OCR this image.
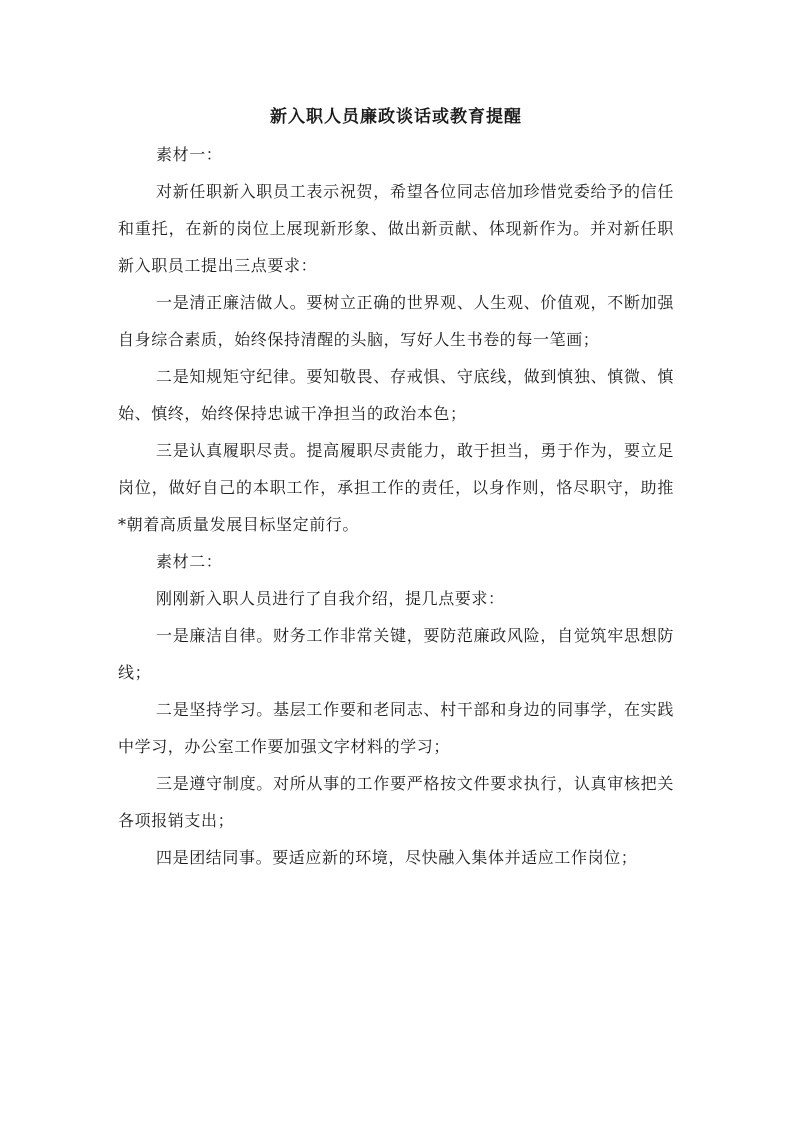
新入职人员廉政谈话或教育提醒

素材一：

对新任职新入职员工表示祝贺，希望各位同志倍加珍惜党委给予的信任和重托，在新的岗位上展现新形象、做出新贡献、体现新作为。并对新任职新入职员工提出三点要求：

一是清正廉洁做人。要树立正确的世界观、人生观、价值观，不断加强自身综合素质，始终保持清醒的头脑，写好人生书卷的每一笔画；

二是知规矩守纪律。要知敬畏、存戒惧、守底线，做到慎独、慎微、慎始、慎终，始终保持忠诚干净担当的政治本色；

三是认真履职尽责。提高履职尽责能力，敢于担当，勇于作为，要立足岗位，做好自己的本职工作，承担工作的责任，以身作则，恪尽职守，助推*朝着高质量发展目标坚定前行。

素材二：

刚刚新入职人员进行了自我介绍，提几点要求：

一是廉洁自律。财务工作非常关键，要防范廉政风险，自觉筑牢思想防线；

二是坚持学习。基层工作要和老同志、村干部和身边的同事学，在实践中学习，办公室工作要加强文字材料的学习；

三是遵守制度。对所从事的工作要严格按文件要求执行，认真审核把关各项报销支出；

四是团结同事。要适应新的环境，尽快融入集体并适应工作岗位；
